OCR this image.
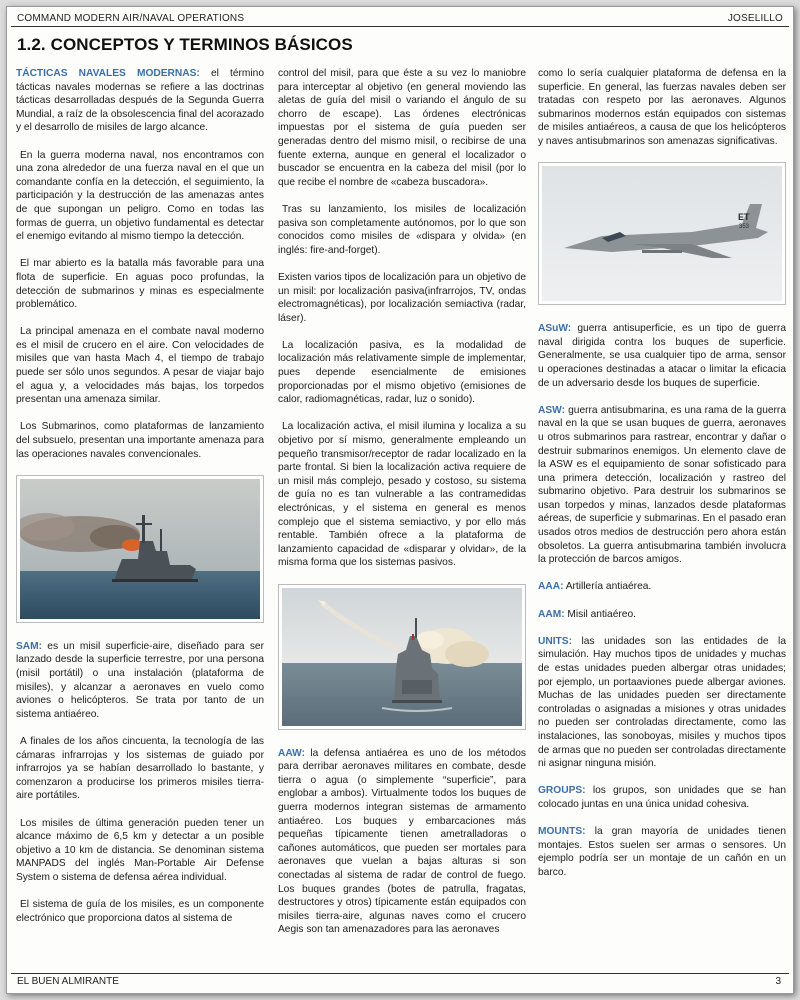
COMMAND MODERN AIR/NAVAL OPERATIONS	JOSELILLO
1.2. CONCEPTOS Y TERMINOS BÁSICOS

TÁCTICAS NAVALES MODERNAS: el término tácticas navales modernas se refiere a las doctrinas tácticas desarrolladas después de la Segunda Guerra Mundial, a raíz de la obsolescencia final del acorazado y el desarrollo de misiles de largo alcance.

En la guerra moderna naval, nos encontramos con una zona alrededor de una fuerza naval en el que un comandante confía en la detección, el seguimiento, la participación y la destrucción de las amenazas antes de que supongan un peligro. Como en todas las formas de guerra, un objetivo fundamental es detectar el enemigo evitando al mismo tiempo la detección.

El mar abierto es la batalla más favorable para una flota de superficie. En aguas poco profundas, la detección de submarinos y minas es especialmente problemático.

La principal amenaza en el combate naval moderno es el misil de crucero en el aire. Con velocidades de misiles que van hasta Mach 4, el tiempo de trabajo puede ser sólo unos segundos. A pesar de viajar bajo el agua y, a velocidades más bajas, los torpedos presentan una amenaza similar.

Los Submarinos, como plataformas de lanzamiento del subsuelo, presentan una importante amenaza para las operaciones navales convencionales.

SAM: es un misil superficie-aire, diseñado para ser lanzado desde la superficie terrestre, por una persona (misil portátil) o una instalación (plataforma de misiles), y alcanzar a aeronaves en vuelo como aviones o helicópteros. Se trata por tanto de un sistema antiaéreo.

A finales de los años cincuenta, la tecnología de las cámaras infrarrojas y los sistemas de guiado por infrarrojos ya se habían desarrollado lo bastante, y comenzaron a producirse los primeros misiles tierra-aire portátiles.

Los misiles de última generación pueden tener un alcance máximo de 6,5 km y detectar a un posible objetivo a 10 km de distancia. Se denominan sistema MANPADS del inglés Man-Portable Air Defense System o sistema de defensa aérea individual.

El sistema de guía de los misiles, es un componente electrónico que proporciona datos al sistema de

control del misil, para que éste a su vez lo maniobre para interceptar al objetivo (en general moviendo las aletas de guía del misil o variando el ángulo de su chorro de escape). Las órdenes electrónicas impuestas por el sistema de guía pueden ser generadas dentro del mismo misil, o recibirse de una fuente externa, aunque en general el localizador o buscador se encuentra en la cabeza del misil (por lo que recibe el nombre de «cabeza buscadora».

Tras su lanzamiento, los misiles de localización pasiva son completamente autónomos, por lo que son conocidos como misiles de «dispara y olvida» (en inglés: fire-and-forget).

Existen varios tipos de localización para un objetivo de un misil: por localización pasiva(infrarrojos, TV, ondas electromagnéticas), por localización semiactiva (radar, láser).

La localización pasiva, es la modalidad de localización más relativamente simple de implementar, pues depende esencialmente de emisiones proporcionadas por el mismo objetivo (emisiones de calor, radiomagnéticas, radar, luz o sonido).

La localización activa, el misil ilumina y localiza a su objetivo por sí mismo, generalmente empleando un pequeño transmisor/receptor de radar localizado en la parte frontal. Si bien la localización activa requiere de un misil más complejo, pesado y costoso, su sistema de guía no es tan vulnerable a las contramedidas electrónicas, y el sistema en general es menos complejo que el sistema semiactivo, y por ello más rentable. También ofrece a la plataforma de lanzamiento capacidad de «disparar y olvidar», de la misma forma que los sistemas pasivos.

AAW: la defensa antiaérea es uno de los métodos para derribar aeronaves militares en combate, desde tierra o agua (o simplemente “superficie”, para englobar a ambos). Virtualmente todos los buques de guerra modernos integran sistemas de armamento antiaéreo. Los buques y embarcaciones más pequeñas típicamente tienen ametralladoras o cañones automáticos, que pueden ser mortales para aeronaves que vuelan a bajas alturas si son conectadas al sistema de radar de control de fuego. Los buques grandes (botes de patrulla, fragatas, destructores y otros) típicamente están equipados con misiles tierra-aire, algunas naves como el crucero Aegis son tan amenazadores para las aeronaves

como lo sería cualquier plataforma de defensa en la superficie. En general, las fuerzas navales deben ser tratadas con respeto por las aeronaves. Algunos submarinos modernos están equipados con sistemas de misiles antiaéreos, a causa de que los helicópteros y naves antisubmarinos son amenazas significativas.

ET
353

ASuW: guerra antisuperficie, es un tipo de guerra naval dirigida contra los buques de superficie. Generalmente, se usa cualquier tipo de arma, sensor u operaciones destinadas a atacar o limitar la eficacia de un adversario desde los buques de superficie.

ASW: guerra antisubmarina, es una rama de la guerra naval en la que se usan buques de guerra, aeronaves u otros submarinos para rastrear, encontrar y dañar o destruir submarinos enemigos. Un elemento clave de la ASW es el equipamiento de sonar sofisticado para una primera detección, localización y rastreo del submarino objetivo. Para destruir los submarinos se usan torpedos y minas, lanzados desde plataformas aéreas, de superficie y submarinas. En el pasado eran usados otros medios de destrucción pero ahora están obsoletos. La guerra antisubmarina también involucra la protección de barcos amigos.

AAA: Artillería antiaérea.

AAM: Misil antiaéreo.

UNITS: las unidades son las entidades de la simulación. Hay muchos tipos de unidades y muchas de estas unidades pueden albergar otras unidades; por ejemplo, un portaaviones puede albergar aviones. Muchas de las unidades pueden ser directamente controladas o asignadas a misiones y otras unidades no pueden ser controladas directamente, como las instalaciones, las sonoboyas, misiles y muchos tipos de armas que no pueden ser controladas directamente ni asignar ninguna misión.

GROUPS: los grupos, son unidades que se han colocado juntas en una única unidad cohesiva.

MOUNTS: la gran mayoría de unidades tienen montajes. Estos suelen ser armas o sensores. Un ejemplo podría ser un montaje de un cañón en un barco.

EL BUEN ALMIRANTE	3
